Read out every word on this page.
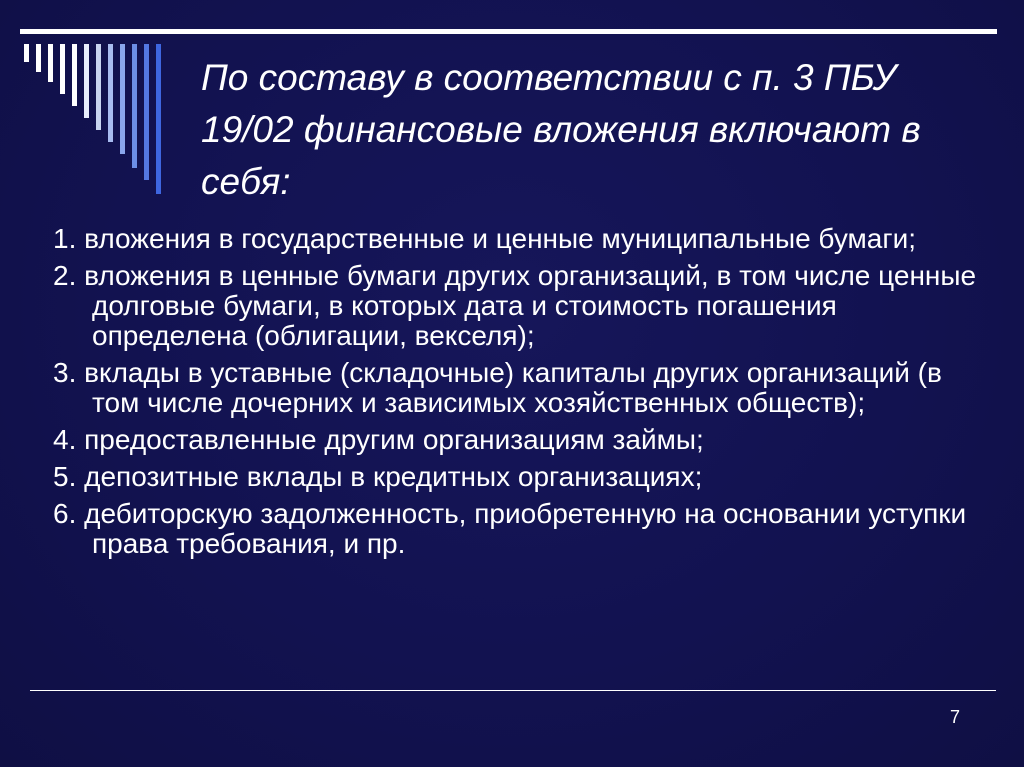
По составу в соответствии с п. 3 ПБУ 19/02 финансовые вложения включают в себя:
1. вложения в государственные и ценные муниципальные бумаги;
2. вложения в ценные бумаги других организаций, в том числе ценные долговые бумаги, в которых дата и стоимость погашения определена (облигации, векселя);
3. вклады в уставные (складочные) капиталы других организаций (в том числе дочерних и зависимых хозяйственных обществ);
4. предоставленные другим организациям займы;
5. депозитные вклады в кредитных организациях;
6. дебиторскую задолженность, приобретенную на основании уступки права требования, и пр.
7
